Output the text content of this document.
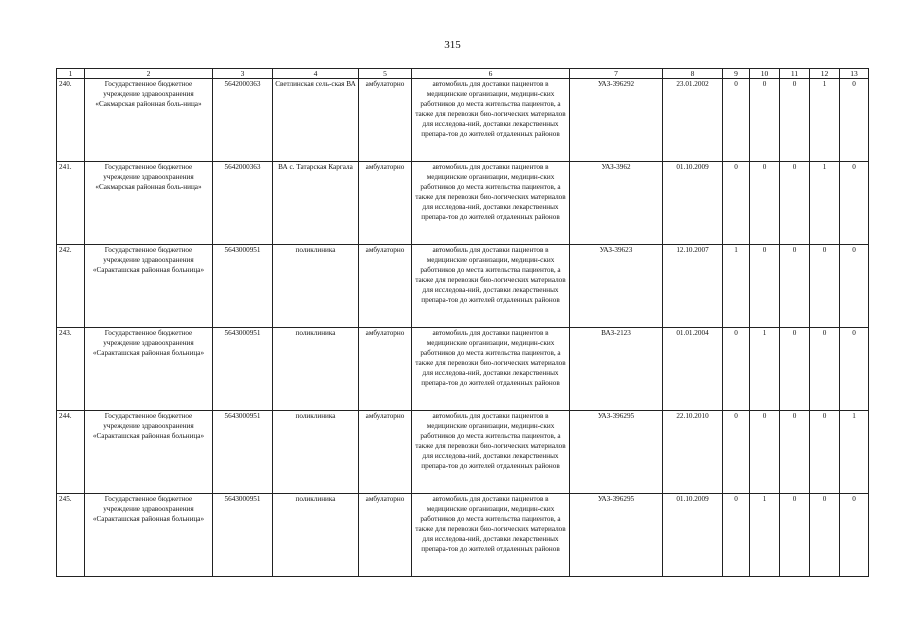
315
1	2	3	4	5	6	7	8	9	10	11	12	13
240.	Государственное бюджетное учреждение здравоохранения «Сакмарская районная боль-ница»	5642000363	Светлинская сель-ская ВА	амбулаторно	автомобиль для доставки пациентов в медицинские организации, медицин-ских работников до места жительства пациентов, а также для перевозки био-логических материалов для исследова-ний, доставки лекарственных препара-тов до жителей отдаленных районов	УАЗ-396292	23.01.2002	0	0	0	1	0
241.	Государственное бюджетное учреждение здравоохранения «Сакмарская районная боль-ница»	5642000363	ВА с. Татарская Каргала	амбулаторно	автомобиль для доставки пациентов в медицинские организации, медицин-ских работников до места жительства пациентов, а также для перевозки био-логических материалов для исследова-ний, доставки лекарственных препара-тов до жителей отдаленных районов	УАЗ-3962	01.10.2009	0	0	0	1	0
242.	Государственное бюджетное учреждение здравоохранения «Саракташская районная больница»	5643000951	поликлиника	амбулаторно	автомобиль для доставки пациентов в медицинские организации, медицин-ских работников до места жительства пациентов, а также для перевозки био-логических материалов для исследова-ний, доставки лекарственных препара-тов до жителей отдаленных районов	УАЗ-39623	12.10.2007	1	0	0	0	0
243.	Государственное бюджетное учреждение здравоохранения «Саракташская районная больница»	5643000951	поликлиника	амбулаторно	автомобиль для доставки пациентов в медицинские организации, медицин-ских работников до места жительства пациентов, а также для перевозки био-логических материалов для исследова-ний, доставки лекарственных препара-тов до жителей отдаленных районов	ВАЗ-2123	01.01.2004	0	1	0	0	0
244.	Государственное бюджетное учреждение здравоохранения «Саракташская районная больница»	5643000951	поликлиника	амбулаторно	автомобиль для доставки пациентов в медицинские организации, медицин-ских работников до места жительства пациентов, а также для перевозки био-логических материалов для исследова-ний, доставки лекарственных препара-тов до жителей отдаленных районов	УАЗ-396295	22.10.2010	0	0	0	0	1
245.	Государственное бюджетное учреждение здравоохранения «Саракташская районная больница»	5643000951	поликлиника	амбулаторно	автомобиль для доставки пациентов в медицинские организации, медицин-ских работников до места жительства пациентов, а также для перевозки био-логических материалов для исследова-ний, доставки лекарственных препара-тов до жителей отдаленных районов	УАЗ-396295	01.10.2009	0	1	0	0	0
